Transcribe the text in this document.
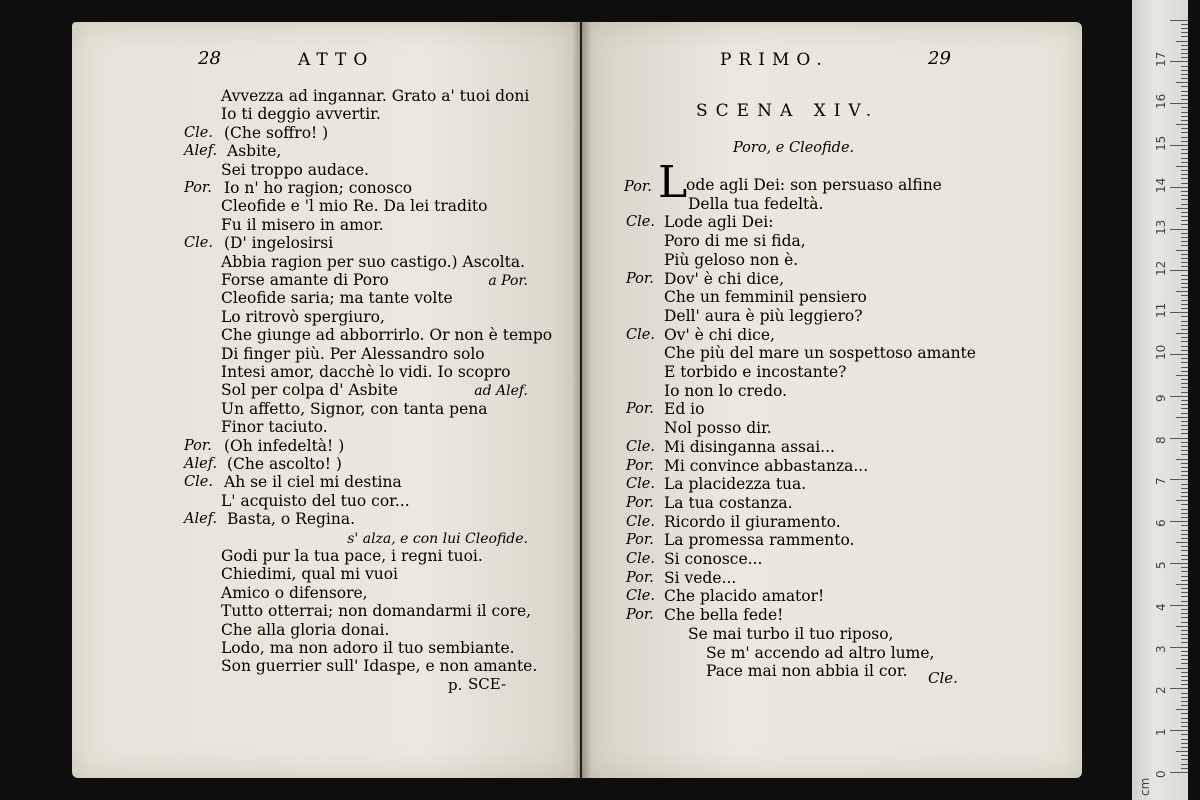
28	ATTO
Avvezza ad ingannar. Grato a' tuoi doni
Io ti deggio avvertir.
Cle. (Che soffro! )
Alef. Asbite,
Sei troppo audace.
Por. Io n' ho ragion; conosco
Cleofide e 'l mio Re. Da lei tradito
Fu il misero in amor.
Cle. (D' ingelosirsi
Abbia ragion per suo castigo.) Ascolta.
Forse amante di Poro	a Por.
Cleofide saria; ma tante volte
Lo ritrovò spergiuro,
Che giunge ad abborrirlo. Or non è tempo
Di finger più. Per Alessandro solo
Intesi amor, dacchè lo vidi. Io scopro
Sol per colpa d' Asbite	ad Alef.
Un affetto, Signor, con tanta pena
Finor taciuto.
Por. (Oh infedeltà! )
Alef. (Che ascolto! )
Cle. Ah se il ciel mi destina
L' acquisto del tuo cor...
Alef. Basta, o Regina.
s' alza, e con lui Cleofide.
Godi pur la tua pace, i regni tuoi.
Chiedimi, qual mi vuoi
Amico o difensore,
Tutto otterrai; non domandarmi il core,
Che alla gloria donai.
Lodo, ma non adoro il tuo sembiante.
Son guerrier sull' Idaspe, e non amante.
p. SCE-
PRIMO.	29
SCENA XIV.
Poro, e Cleofide.
Por. L
ode agli Dei: son persuaso alfine
Della tua fedeltà.
Cle. Lode agli Dei:
Poro di me si fida,
Più geloso non è.
Por. Dov' è chi dice,
Che un femminil pensiero
Dell' aura è più leggiero?
Cle. Ov' è chi dice,
Che più del mare un sospettoso amante
E torbido e incostante?
Io non lo credo.
Por. Ed io
Nol posso dir.
Cle. Mi disinganna assai...
Por. Mi convince abbastanza...
Cle. La placidezza tua.
Por. La tua costanza.
Cle. Ricordo il giuramento.
Por. La promessa rammento.
Cle. Si conosce...
Por. Si vede...
Cle. Che placido amator!
Por. Che bella fede!
Se mai turbo il tuo riposo,
Se m' accendo ad altro lume,
Pace mai non abbia il cor. Cle.
0
1
2
3
4
5
6
7
8
9
10
11
12
13
14
15
16
17
cm
